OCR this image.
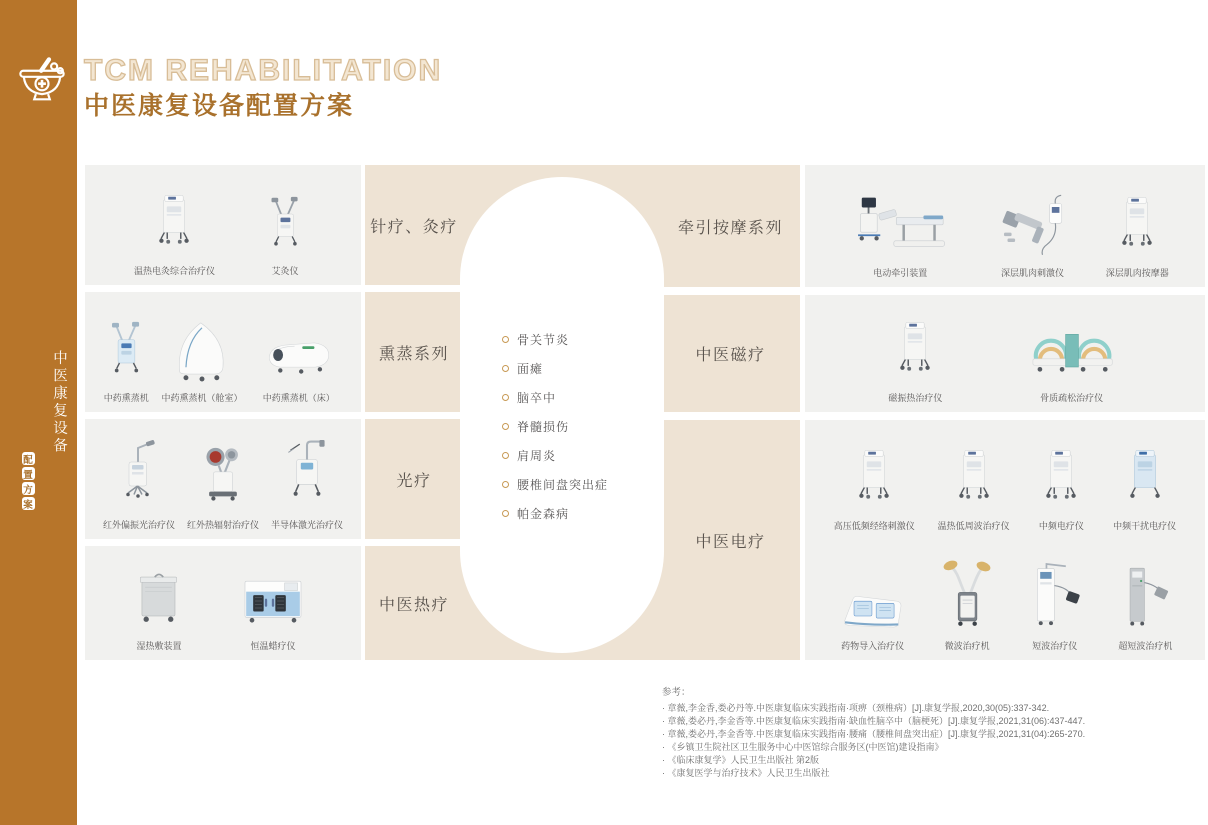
中医康复设备
配
置
方
案
TCM REHABILITATION
中医康复设备配置方案
骨关节炎
面瘫
脑卒中
脊髓损伤
肩周炎
腰椎间盘突出症
帕金森病
参考：
· 章薇,李金香,娄必丹等.中医康复临床实践指南·项痹（颈椎病）[J].康复学报,2020,30(05):337-342.
· 章薇,娄必丹,李金香等.中医康复临床实践指南·缺血性脑卒中（脑梗死）[J].康复学报,2021,31(06):437-447.
· 章薇,娄必丹,李金香等.中医康复临床实践指南·腰痛（腰椎间盘突出症）[J].康复学报,2021,31(04):265-270.
· 《乡镇卫生院社区卫生服务中心中医馆综合服务区(中医馆)建设指南》
· 《临床康复学》人民卫生出版社 第2版
· 《康复医学与治疗技术》人民卫生出版社
温热电灸综合治疗仪	艾灸仪
针疗、灸疗
中药熏蒸机 中药熏蒸机（舱室） 中药熏蒸机（床）
熏蒸系列
红外偏振光治疗仪 红外热辐射治疗仪 半导体激光治疗仪
光疗
湿热敷装置	恒温蜡疗仪
中医热疗
电动牵引装置	深层肌肉刺激仪	深层肌肉按摩器
牵引按摩系列
磁振热治疗仪	骨质疏松治疗仪
中医磁疗
高压低频经络刺激仪	温热低周波治疗仪	中频电疗仪	中频干扰电疗仪
药物导入治疗仪	微波治疗机	短波治疗仪	超短波治疗机
中医电疗
